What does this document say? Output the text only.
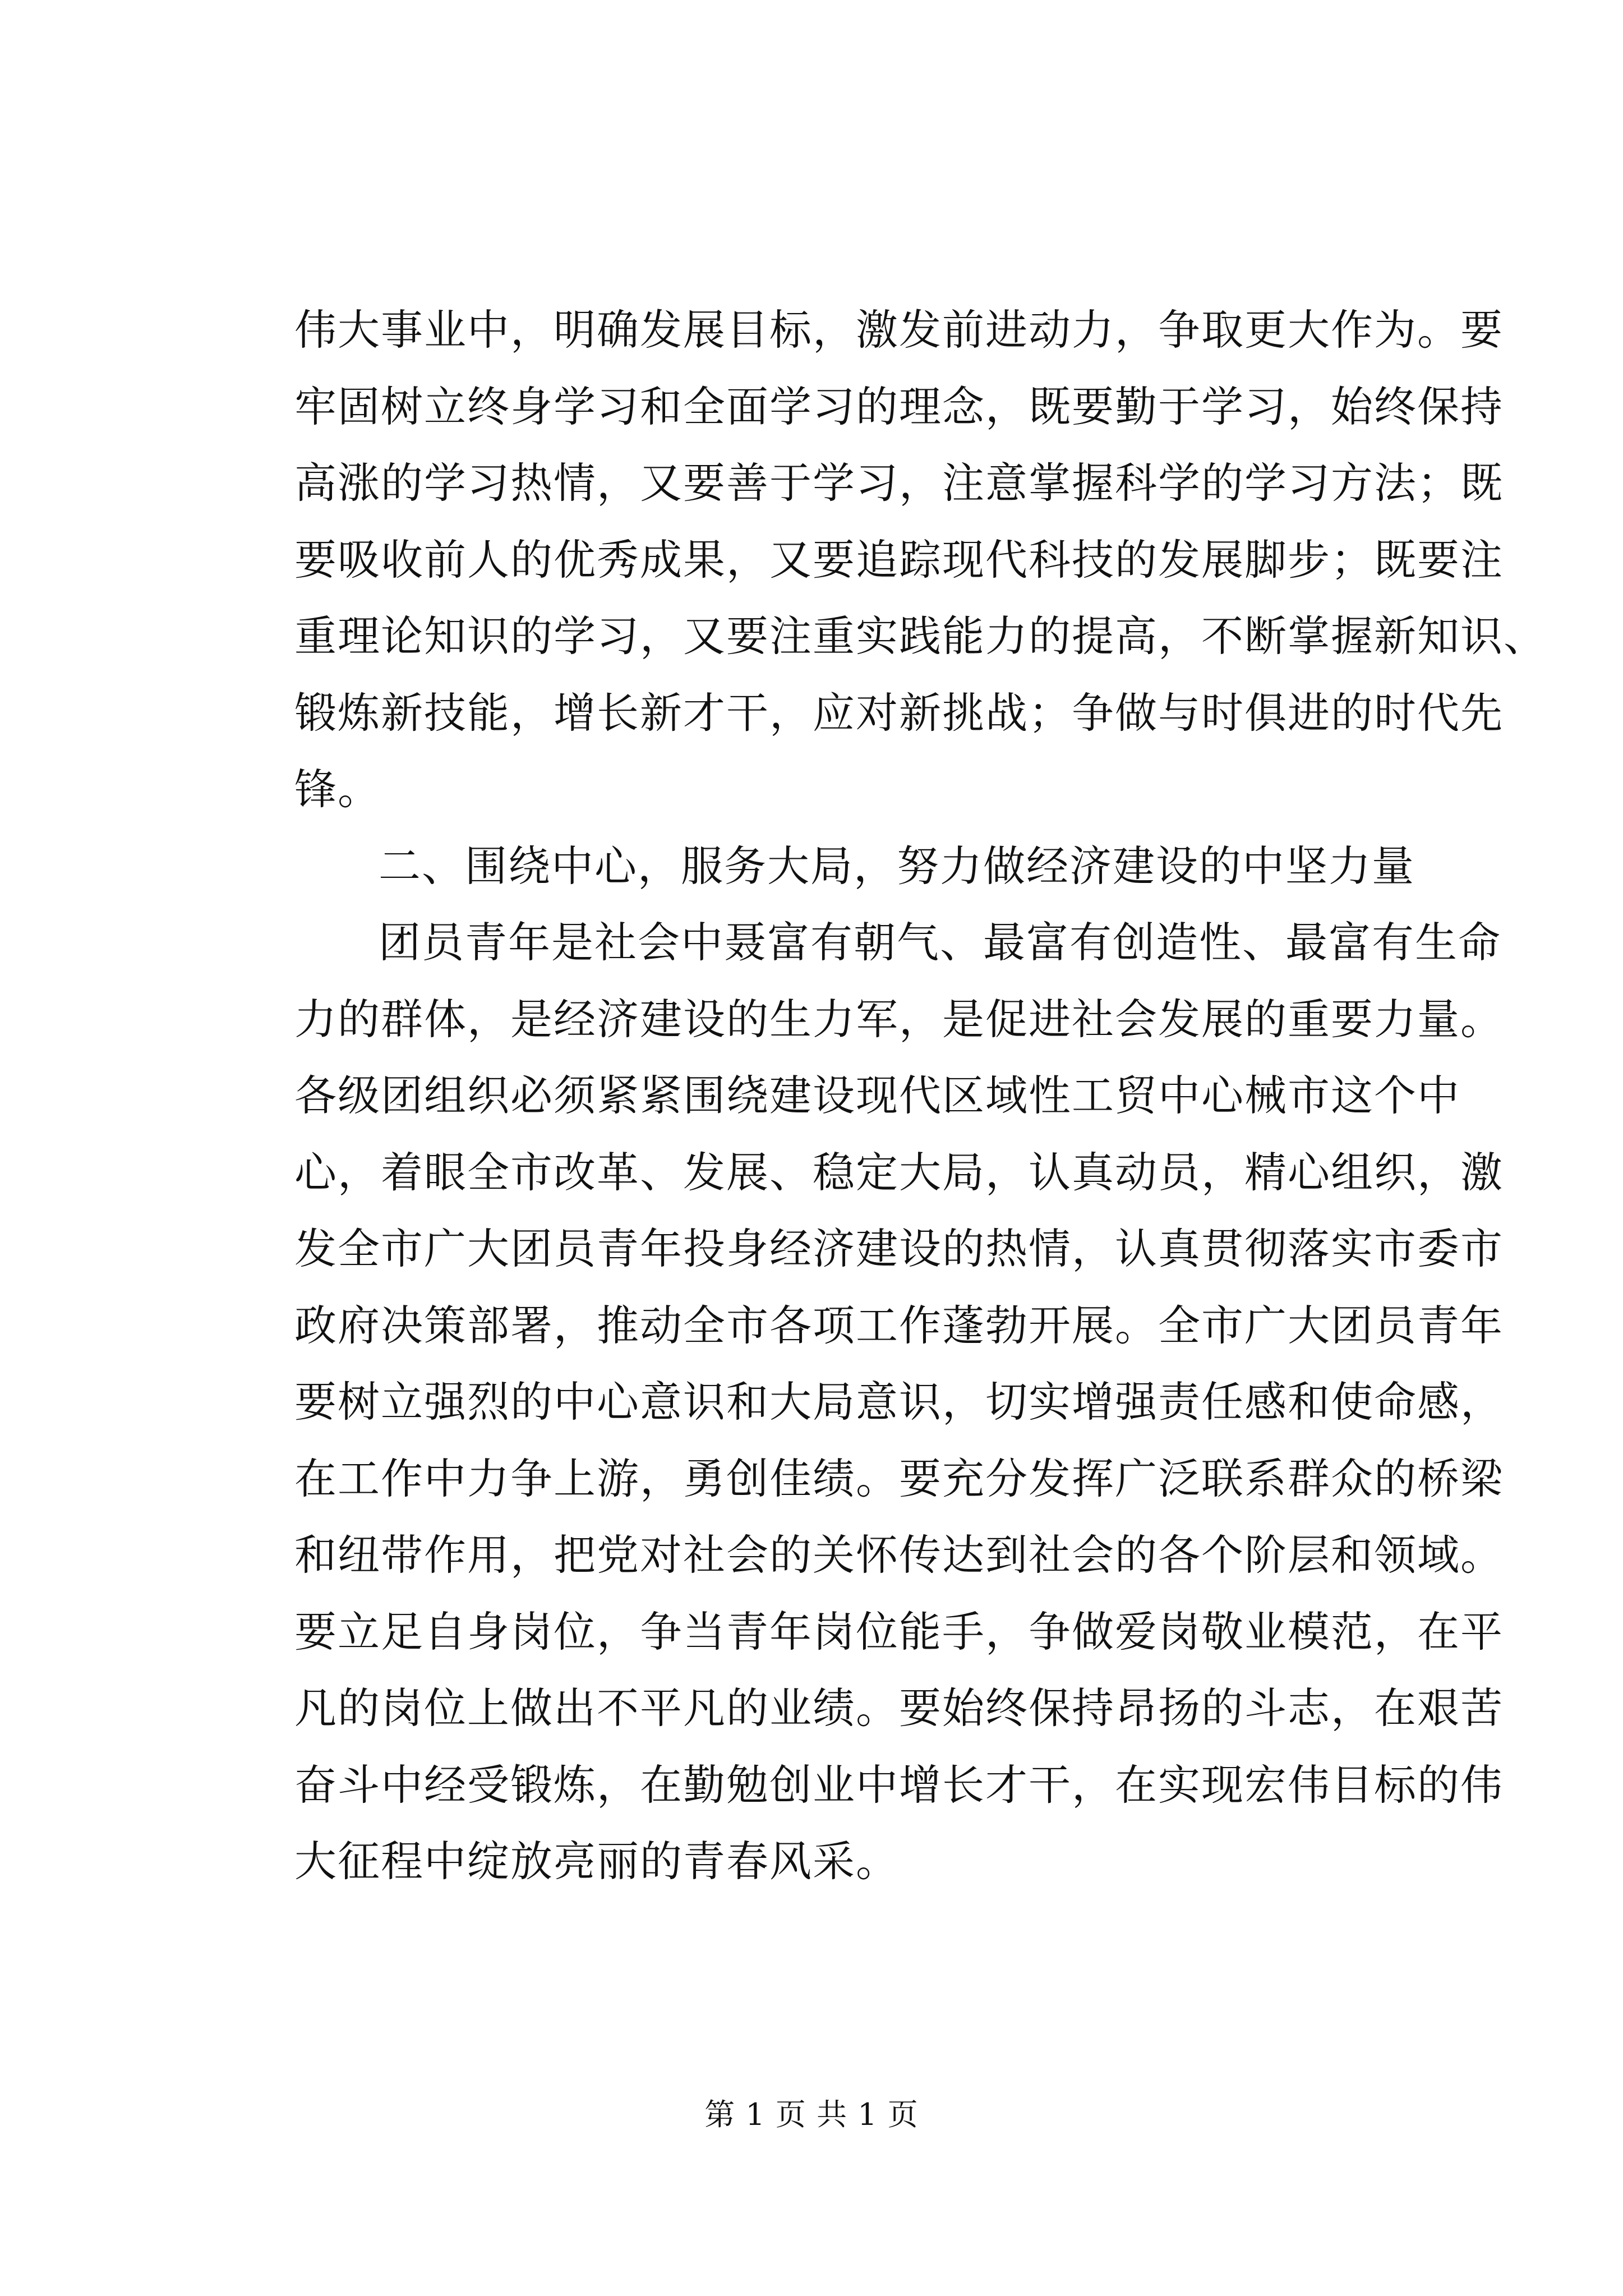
伟大事业中，明确发展目标，激发前进动力，争取更大作为。要
牢固树立终身学习和全面学习的理念，既要勤于学习，始终保持
高涨的学习热情，又要善于学习，注意掌握科学的学习方法；既
要吸收前人的优秀成果，又要追踪现代科技的发展脚步；既要注
重理论知识的学习，又要注重实践能力的提高，不断掌握新知识、
锻炼新技能，增长新才干，应对新挑战；争做与时俱进的时代先
锋。
二、围绕中心，服务大局，努力做经济建设的中坚力量
团员青年是社会中聂富有朝气、最富有创造性、最富有生命
力的群体，是经济建设的生力军，是促进社会发展的重要力量。
各级团组织必须紧紧围绕建设现代区域性工贸中心械市这个中
心，着眼全市改革、发展、稳定大局，认真动员，精心组织，激
发全市广大团员青年投身经济建设的热情，认真贯彻落实市委市
政府决策部署，推动全市各项工作蓬勃开展。全市广大团员青年
要树立强烈的中心意识和大局意识，切实增强责任感和使命感，
在工作中力争上游，勇创佳绩。要充分发挥广泛联系群众的桥梁
和纽带作用，把党对社会的关怀传达到社会的各个阶层和领域。
要立足自身岗位，争当青年岗位能手，争做爱岗敬业模范，在平
凡的岗位上做出不平凡的业绩。要始终保持昂扬的斗志，在艰苦
奋斗中经受锻炼，在勤勉创业中增长才干，在实现宏伟目标的伟
大征程中绽放亮丽的青春风采。
第 1 页 共 1 页
